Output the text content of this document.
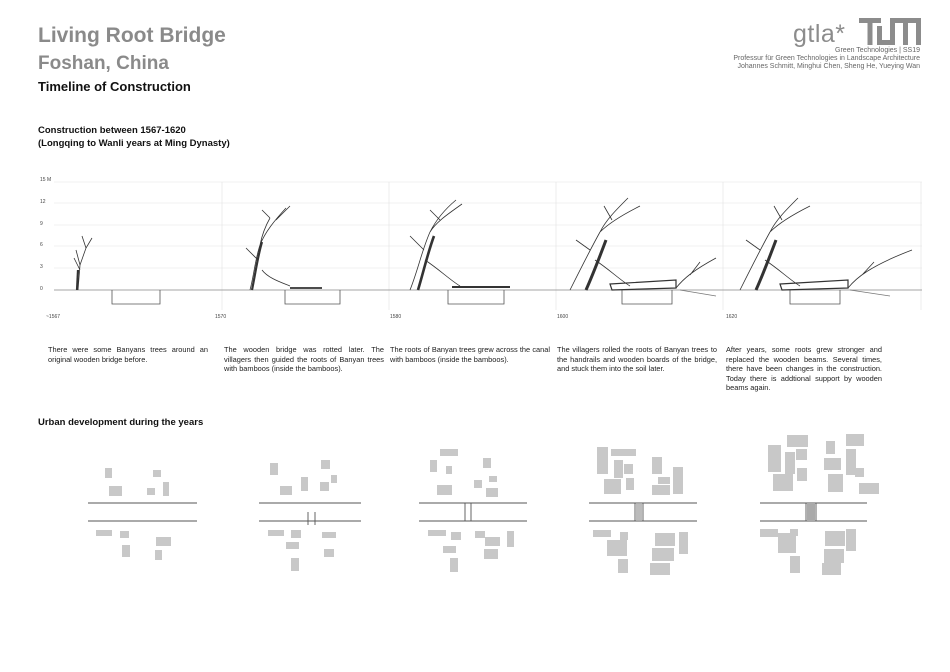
Living Root Bridge
Foshan, China
Timeline of Construction
gtla*
Green Technologies | SS19
Professur für Green Technologies in Landscape Architecture
Johannes Schmitt, Minghui Chen, Sheng He, Yueying Wan
Construction between 1567-1620
(Longqing to Wanli years at Ming Dynasty)
15 M
12
9
6
3
0
~1567	1570	1580	1600	1620
There were some Banyans trees around an original wooden bridge before.
The wooden bridge was rotted later. The villagers then guided the roots of Banyan trees with bamboos (inside the bamboos).
The roots of Banyan trees grew across the canal with bamboos (inside the bamboos).
The villagers rolled the roots of Banyan trees to the handrails and wooden boards of the bridge, and stuck them into the soil later.
After years, some roots grew stronger and replaced the wooden beams. Several times, there have been changes in the construction. Today there is addtional support by wooden beams again.
Urban development during the years
